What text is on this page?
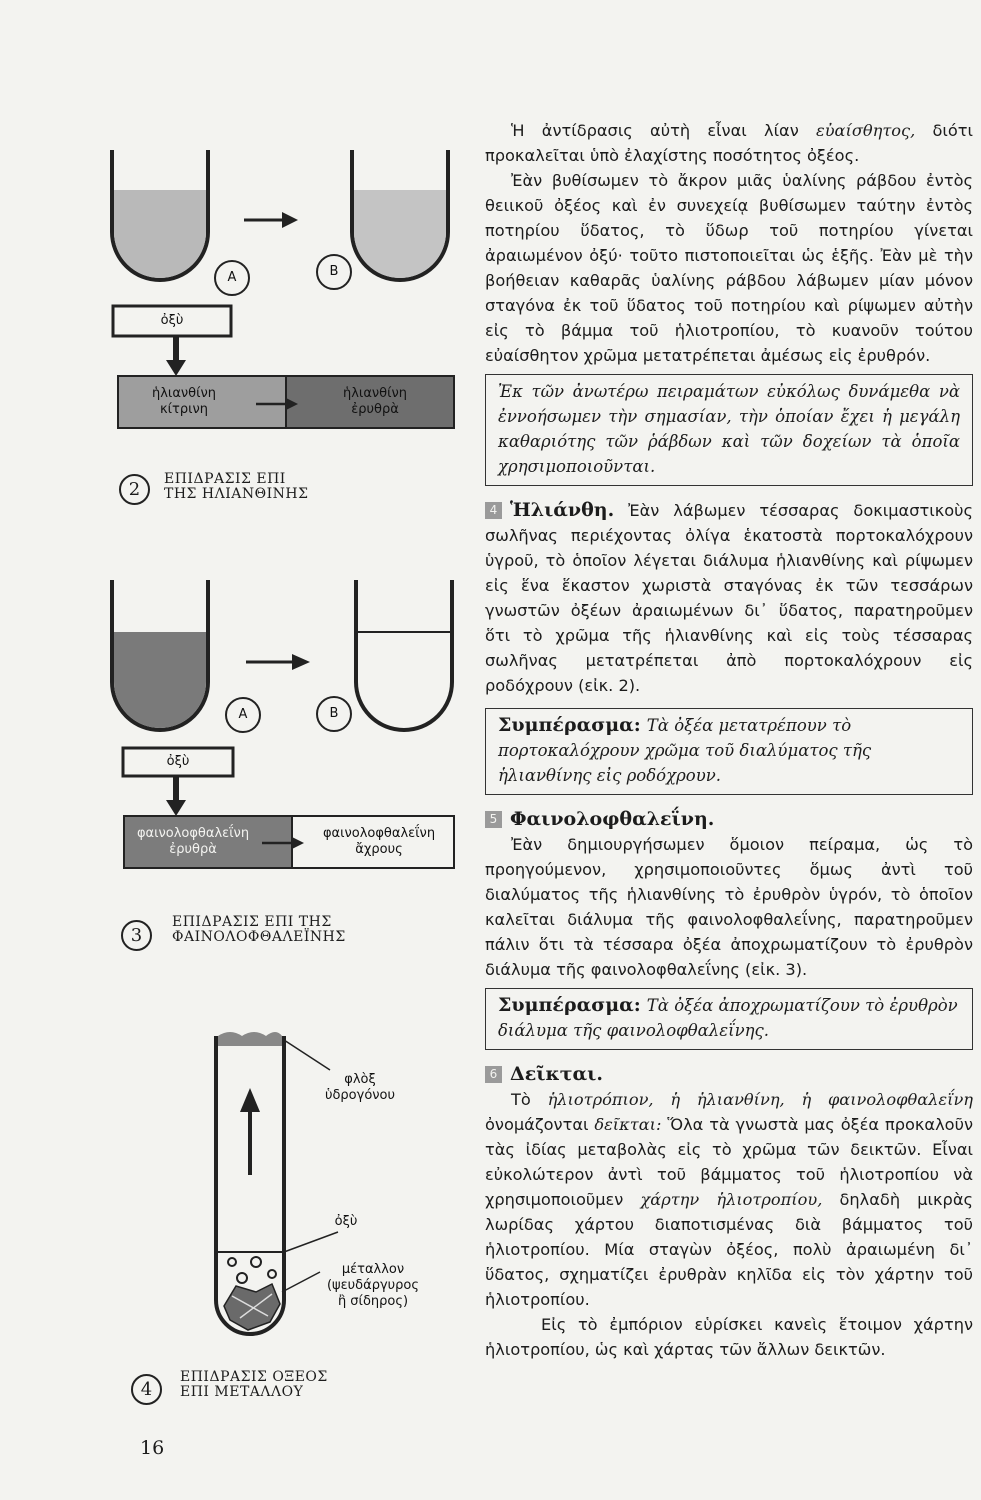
A	B
ὀξὺ
ἡλιανθίνη
κίτρινη
ἡλιανθίνη
ἐρυθρὰ
2	ΕΠΙΔΡΑΣΙΣ ΕΠΙ
ΤΗΣ ΗΛΙΑΝΘΙΝΗΣ
A	B
ὀξὺ
φαινολοφθαλεΐνη
ἐρυθρὰ
φαινολοφθαλεΐνη
ἄχρους
3
ΕΠΙΔΡΑΣΙΣ ΕΠΙ ΤΗΣ
ΦΑΙΝΟΛΟΦΘΑΛΕΪΝΗΣ
φλὸξ
ὑδρογόνου
ὀξὺ
μέταλλον
(ψευδάργυρος
ἢ σίδηρος)
4
ΕΠΙΔΡΑΣΙΣ ΟΞΕΟΣ
ΕΠΙ ΜΕΤΑΛΛΟΥ
16

Ἡ ἀντίδρασις αὐτὴ εἶναι λίαν εὐαίσθητος, διότι προκαλεῖται ὑπὸ ἐλαχίστης ποσότητος ὀξέος.

Ἐὰν βυθίσωμεν τὸ ἄκρον μιᾶς ὑαλίνης ράβδου ἐντὸς θειικοῦ ὀξέος καὶ ἐν συνεχείᾳ βυθίσωμεν ταύτην ἐντὸς ποτηρίου ὕδατος, τὸ ὕδωρ τοῦ ποτηρίου γίνεται ἀραιωμένον ὀξύ· τοῦτο πιστοποιεῖται ὡς ἑξῆς. Ἐὰν μὲ τὴν βοήθειαν καθαρᾶς ὑαλίνης ράβδου λάβωμεν μίαν μόνον σταγόνα ἐκ τοῦ ὕδατος τοῦ ποτηρίου καὶ ρίψωμεν αὐτὴν εἰς τὸ βάμμα τοῦ ἡλιοτροπίου, τὸ κυανοῦν τούτου εὐαίσθητον χρῶμα μετατρέπεται ἀμέσως εἰς ἐρυθρόν.

Ἐκ τῶν ἀνωτέρω πειραμάτων εὐκόλως δυνάμεθα νὰ ἐννοήσωμεν τὴν σημασίαν, τὴν ὁποίαν ἔχει ἡ μεγάλη καθαριότης τῶν ῥάβδων καὶ τῶν δοχείων τὰ ὁποῖα χρησιμοποιοῦνται.

4 Ἡλιάνθη. Ἐὰν λάβωμεν τέσσαρας δοκιμαστικοὺς σωλῆνας περιέχοντας ὀλίγα ἑκατοστὰ πορτοκαλόχρουν ὑγροῦ, τὸ ὁποῖον λέγεται διάλυμα ἡλιανθίνης καὶ ρίψωμεν εἰς ἕνα ἕκαστον χωριστὰ σταγόνας ἐκ τῶν τεσσάρων γνωστῶν ὀξέων ἀραιωμένων δι᾽ ὕδατος, παρατηροῦμεν ὅτι τὸ χρῶμα τῆς ἡλιανθίνης καὶ εἰς τοὺς τέσσαρας σωλῆνας μετατρέπεται ἀπὸ πορτοκαλόχρουν εἰς ροδόχρουν (εἰκ. 2).

Συμπέρασμα: Τὰ ὀξέα μετατρέπουν τὸ πορτοκαλόχρουν χρῶμα τοῦ διαλύματος τῆς ἡλιανθίνης εἰς ροδόχρουν.

5 Φαινολοφθαλεΐνη.

Ἐὰν δημιουργήσωμεν ὅμοιον πείραμα, ὡς τὸ προηγούμενον, χρησιμοποιοῦντες ὅμως ἀντὶ τοῦ διαλύματος τῆς ἡλιανθίνης τὸ ἐρυθρὸν ὑγρόν, τὸ ὁποῖον καλεῖται διάλυμα τῆς φαινολοφθαλεΐνης, παρατηροῦμεν πάλιν ὅτι τὰ τέσσαρα ὀξέα ἀποχρωματίζουν τὸ ἐρυθρὸν διάλυμα τῆς φαινολοφθαλεΐνης (εἰκ. 3).

Συμπέρασμα: Τὰ ὀξέα ἀποχρωματίζουν τὸ ἐρυθρὸν διάλυμα τῆς φαινολοφθαλεΐνης.

6 Δεῖκται.

Τὸ ἡλιοτρόπιον, ἡ ἡλιανθίνη, ἡ φαινολοφθαλεΐνη ὀνομάζονται δεῖκται: Ὅλα τὰ γνωστὰ μας ὀξέα προκαλοῦν τὰς ἰδίας μεταβολὰς εἰς τὸ χρῶμα τῶν δεικτῶν. Εἶναι εὐκολώτερον ἀντὶ τοῦ βάμματος τοῦ ἡλιοτροπίου νὰ χρησιμοποιοῦμεν χάρτην ἡλιοτροπίου, δηλαδὴ μικρὰς λωρίδας χάρτου διαποτισμένας διὰ βάμματος τοῦ ἡλιοτροπίου. Μία σταγὼν ὀξέος, πολὺ ἀραιωμένη δι᾽ ὕδατος, σχηματίζει ἐρυθρὰν κηλῖδα εἰς τὸν χάρτην τοῦ ἡλιοτροπίου.

Εἰς τὸ ἐμπόριον εὑρίσκει κανεὶς ἕτοιμον χάρτην ἡλιοτροπίου, ὡς καὶ χάρτας τῶν ἄλλων δεικτῶν.
